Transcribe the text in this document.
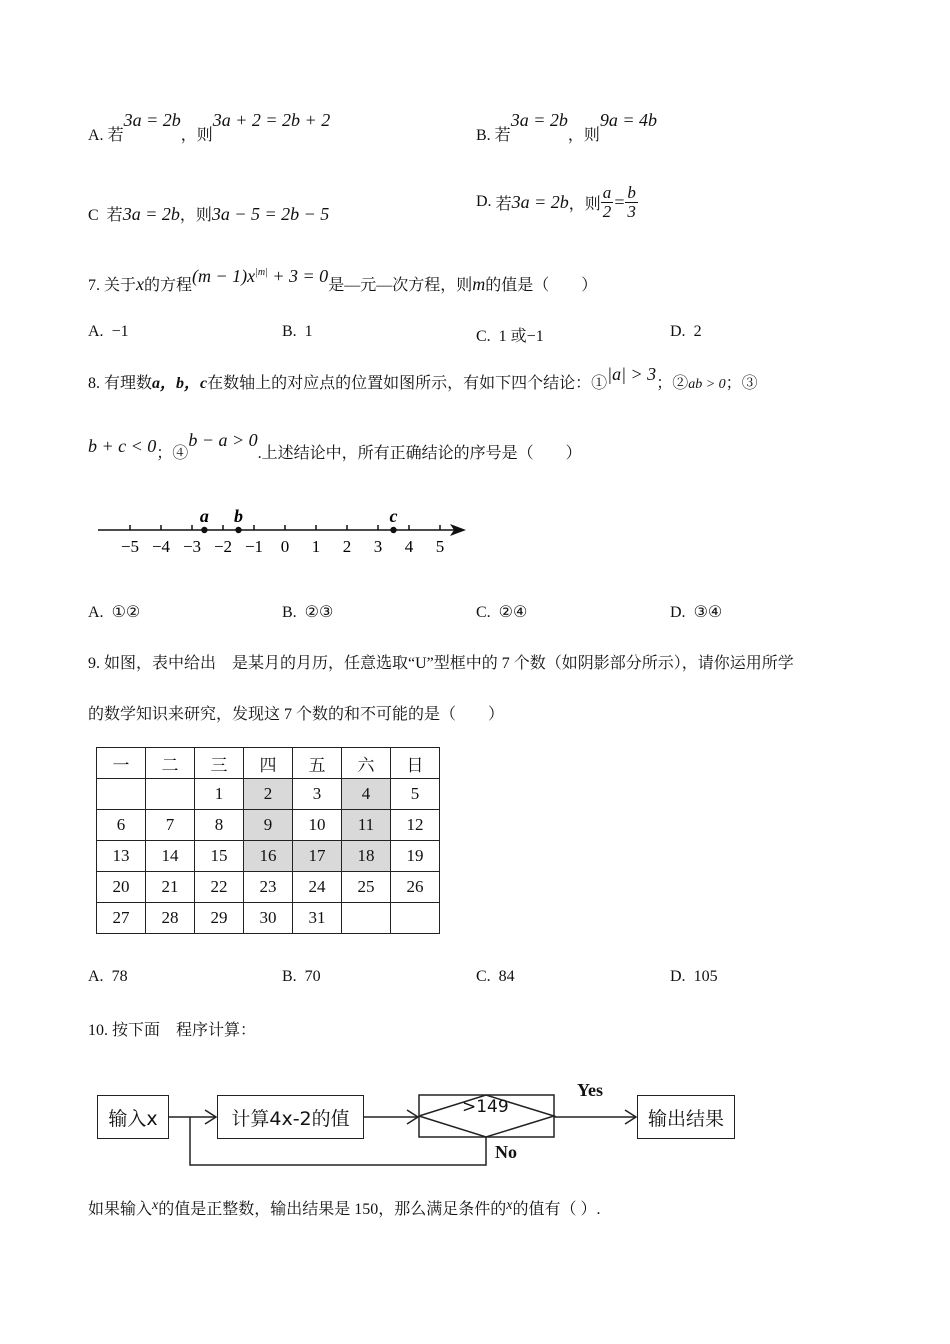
A. 若3a = 2b，则3a + 2 = 2b + 2
B. 若3a = 2b，则9a = 4b
C 若3a = 2b，则3a − 5 = 2b − 5
D.
若 3a = 2b ，则 $\frac{a}{2} = \frac{b}{3}$
7. 关于x的方程$(m - 1)x^{|m|} + 3 = 0$是—元—次方程，则m的值是（　　）
A. −1	B. 1	C. 1 或−1	D. 2
8. 有理数a，b，c在数轴上的对应点的位置如图所示，有如下四个结论：①|a| > 3；②ab > 0；③
b + c < 0；④b − a > 0.上述结论中，所有正确结论的序号是（　　）
−5 −4 −3 −2 −1 0 1 2 3 4 5
a b	c
A. ①②	B. ②③	C. ②④	D. ③④
9. 如图，表中给出　是某月的月历，任意选取“U”型框中的 7 个数（如阴影部分所示），请你运用所学
的数学知识来研究，发现这 7 个数的和不可能的是（　　）
一	二	三	四	五	六	日
		1	2	3	4	5
6	7	8	9	10	11	12
13	14	15	16	17	18	19
20	21	22	23	24	25	26
27	28	29	30	31		
A. 78	B. 70	C. 84	D. 105
10. 按下面　程序计算：
输入x	计算4x-2的值	输出结果
>149
Yes
No
如果输入x的值是正整数，输出结果是 150，那么满足条件的x的值有（ ）.
